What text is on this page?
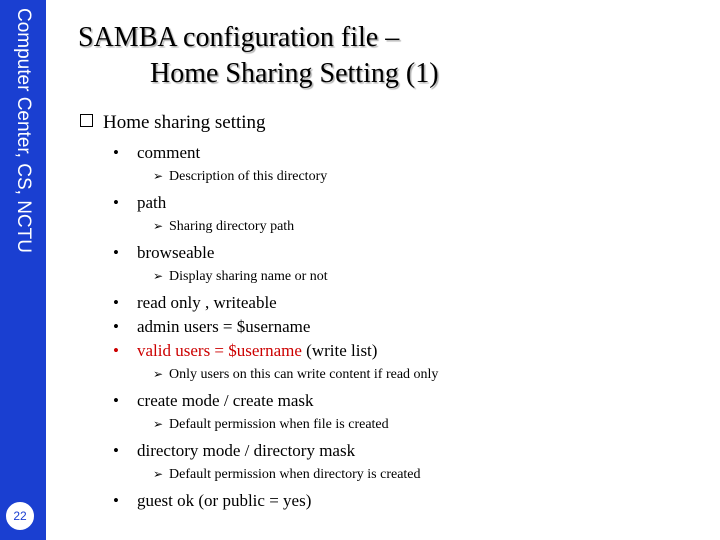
Computer Center, CS, NCTU
22
SAMBA configuration file –
Home Sharing Setting (1)
Home sharing setting
• comment
➢ Description of this directory
• path
➢ Sharing directory path
• browseable
➢ Display sharing name or not
• read only , writeable
• admin users = $username
• valid users = $username (write list)
➢ Only users on this can write content if read only
• create mode / create mask
➢ Default permission when file is created
• directory mode / directory mask
➢ Default permission when directory is created
• guest ok (or public = yes)
